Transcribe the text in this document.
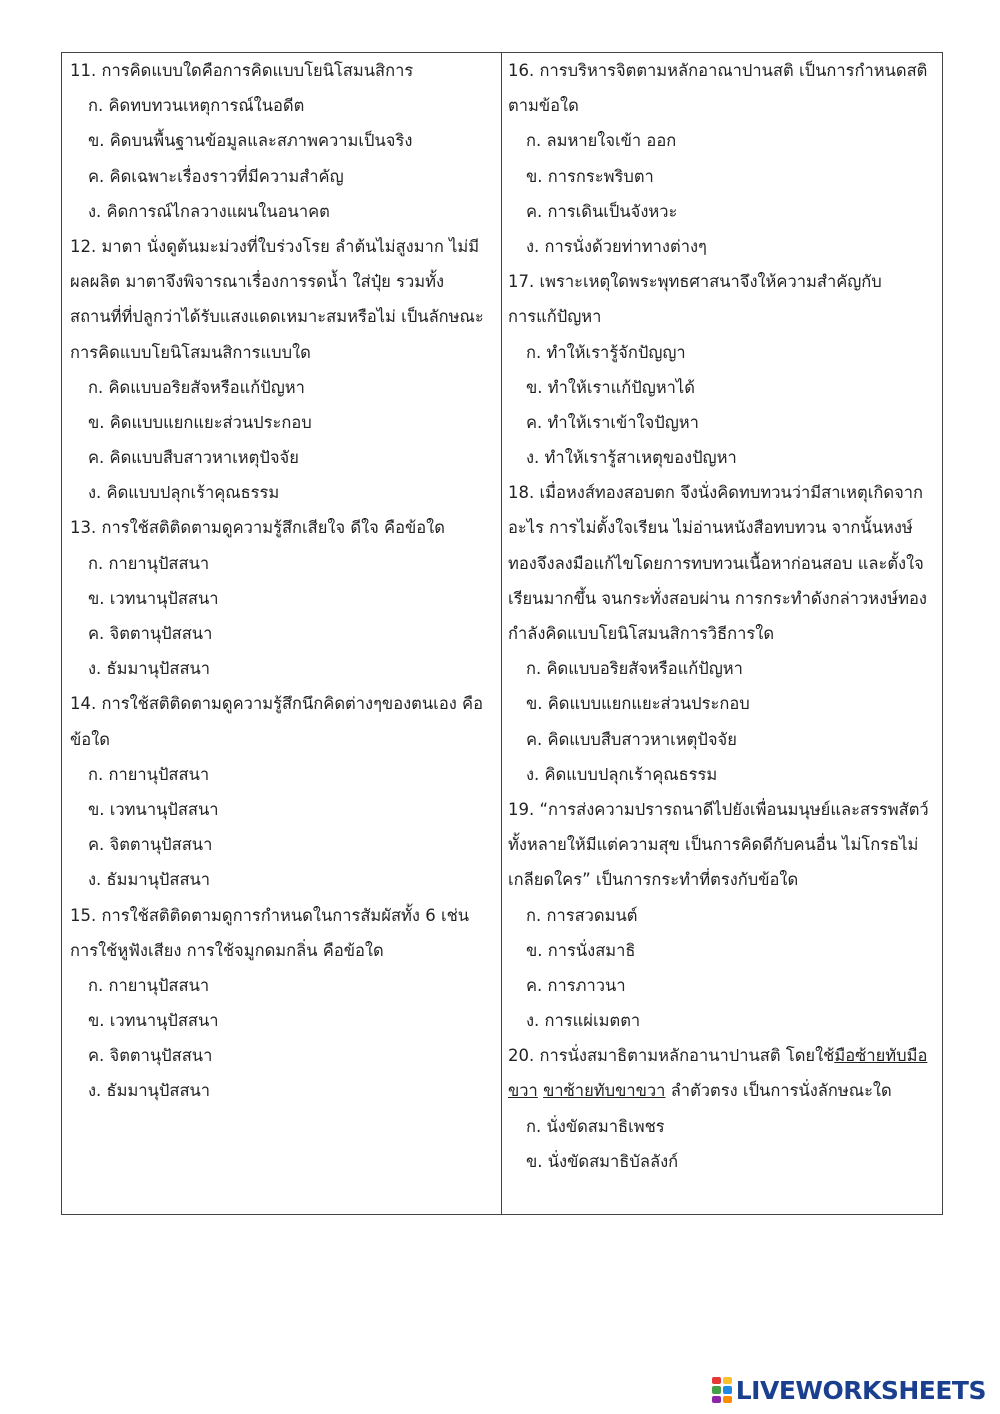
11. การคิดแบบใดคือการคิดแบบโยนิโสมนสิการ
ก. คิดทบทวนเหตุการณ์ในอดีต
ข. คิดบนพื้นฐานข้อมูลและสภาพความเป็นจริง
ค. คิดเฉพาะเรื่องราวที่มีความสำคัญ
ง. คิดการณ์ไกลวางแผนในอนาคต
12. มาตา นั่งดูต้นมะม่วงที่ใบร่วงโรย ลำต้นไม่สูงมาก ไม่มี
ผลผลิต มาตาจึงพิจารณาเรื่องการรดน้ำ ใส่ปุ๋ย รวมทั้ง
สถานที่ที่ปลูกว่าได้รับแสงแดดเหมาะสมหรือไม่ เป็นลักษณะ
การคิดแบบโยนิโสมนสิการแบบใด
ก. คิดแบบอริยสัจหรือแก้ปัญหา
ข. คิดแบบแยกแยะส่วนประกอบ
ค. คิดแบบสืบสาวหาเหตุปัจจัย
ง. คิดแบบปลุกเร้าคุณธรรม
13. การใช้สติติดตามดูความรู้สึกเสียใจ ดีใจ คือข้อใด
ก. กายานุปัสสนา
ข. เวทนานุปัสสนา
ค. จิตตานุปัสสนา
ง. ธัมมานุปัสสนา
14. การใช้สติติดตามดูความรู้สึกนึกคิดต่างๆของตนเอง คือ
ข้อใด
ก. กายานุปัสสนา
ข. เวทนานุปัสสนา
ค. จิตตานุปัสสนา
ง. ธัมมานุปัสสนา
15. การใช้สติติดตามดูการกำหนดในการสัมผัสทั้ง 6 เช่น
การใช้หูฟังเสียง การใช้จมูกดมกลิ่น คือข้อใด
ก. กายานุปัสสนา
ข. เวทนานุปัสสนา
ค. จิตตานุปัสสนา
ง. ธัมมานุปัสสนา
16. การบริหารจิตตามหลักอาณาปานสติ เป็นการกำหนดสติ
ตามข้อใด
ก. ลมหายใจเข้า ออก
ข. การกระพริบตา
ค. การเดินเป็นจังหวะ
ง. การนั่งด้วยท่าทางต่างๆ
17. เพราะเหตุใดพระพุทธศาสนาจึงให้ความสำคัญกับ
การแก้ปัญหา
ก. ทำให้เรารู้จักปัญญา
ข. ทำให้เราแก้ปัญหาได้
ค. ทำให้เราเข้าใจปัญหา
ง. ทำให้เรารู้สาเหตุของปัญหา
18. เมื่อหงส์ทองสอบตก จึงนั่งคิดทบทวนว่ามีสาเหตุเกิดจาก
อะไร การไม่ตั้งใจเรียน ไม่อ่านหนังสือทบทวน จากนั้นหงษ์
ทองจึงลงมือแก้ไขโดยการทบทวนเนื้อหาก่อนสอบ และตั้งใจ
เรียนมากขึ้น จนกระทั่งสอบผ่าน การกระทำดังกล่าวหงษ์ทอง
กำลังคิดแบบโยนิโสมนสิการวิธีการใด
ก. คิดแบบอริยสัจหรือแก้ปัญหา
ข. คิดแบบแยกแยะส่วนประกอบ
ค. คิดแบบสืบสาวหาเหตุปัจจัย
ง. คิดแบบปลุกเร้าคุณธรรม
19. “การส่งความปรารถนาดีไปยังเพื่อนมนุษย์และสรรพสัตว์
ทั้งหลายให้มีแต่ความสุข เป็นการคิดดีกับคนอื่น ไม่โกรธไม่
เกลียดใคร” เป็นการกระทำที่ตรงกับข้อใด
ก. การสวดมนต์
ข. การนั่งสมาธิ
ค. การภาวนา
ง. การแผ่เมตตา
20. การนั่งสมาธิตามหลักอานาปานสติ โดยใช้มือซ้ายทับมือ
ขวา ขาซ้ายทับขาขวา ลำตัวตรง เป็นการนั่งลักษณะใด
ก. นั่งขัดสมาธิเพชร
ข. นั่งขัดสมาธิบัลลังก์
LIVEWORKSHEETS
